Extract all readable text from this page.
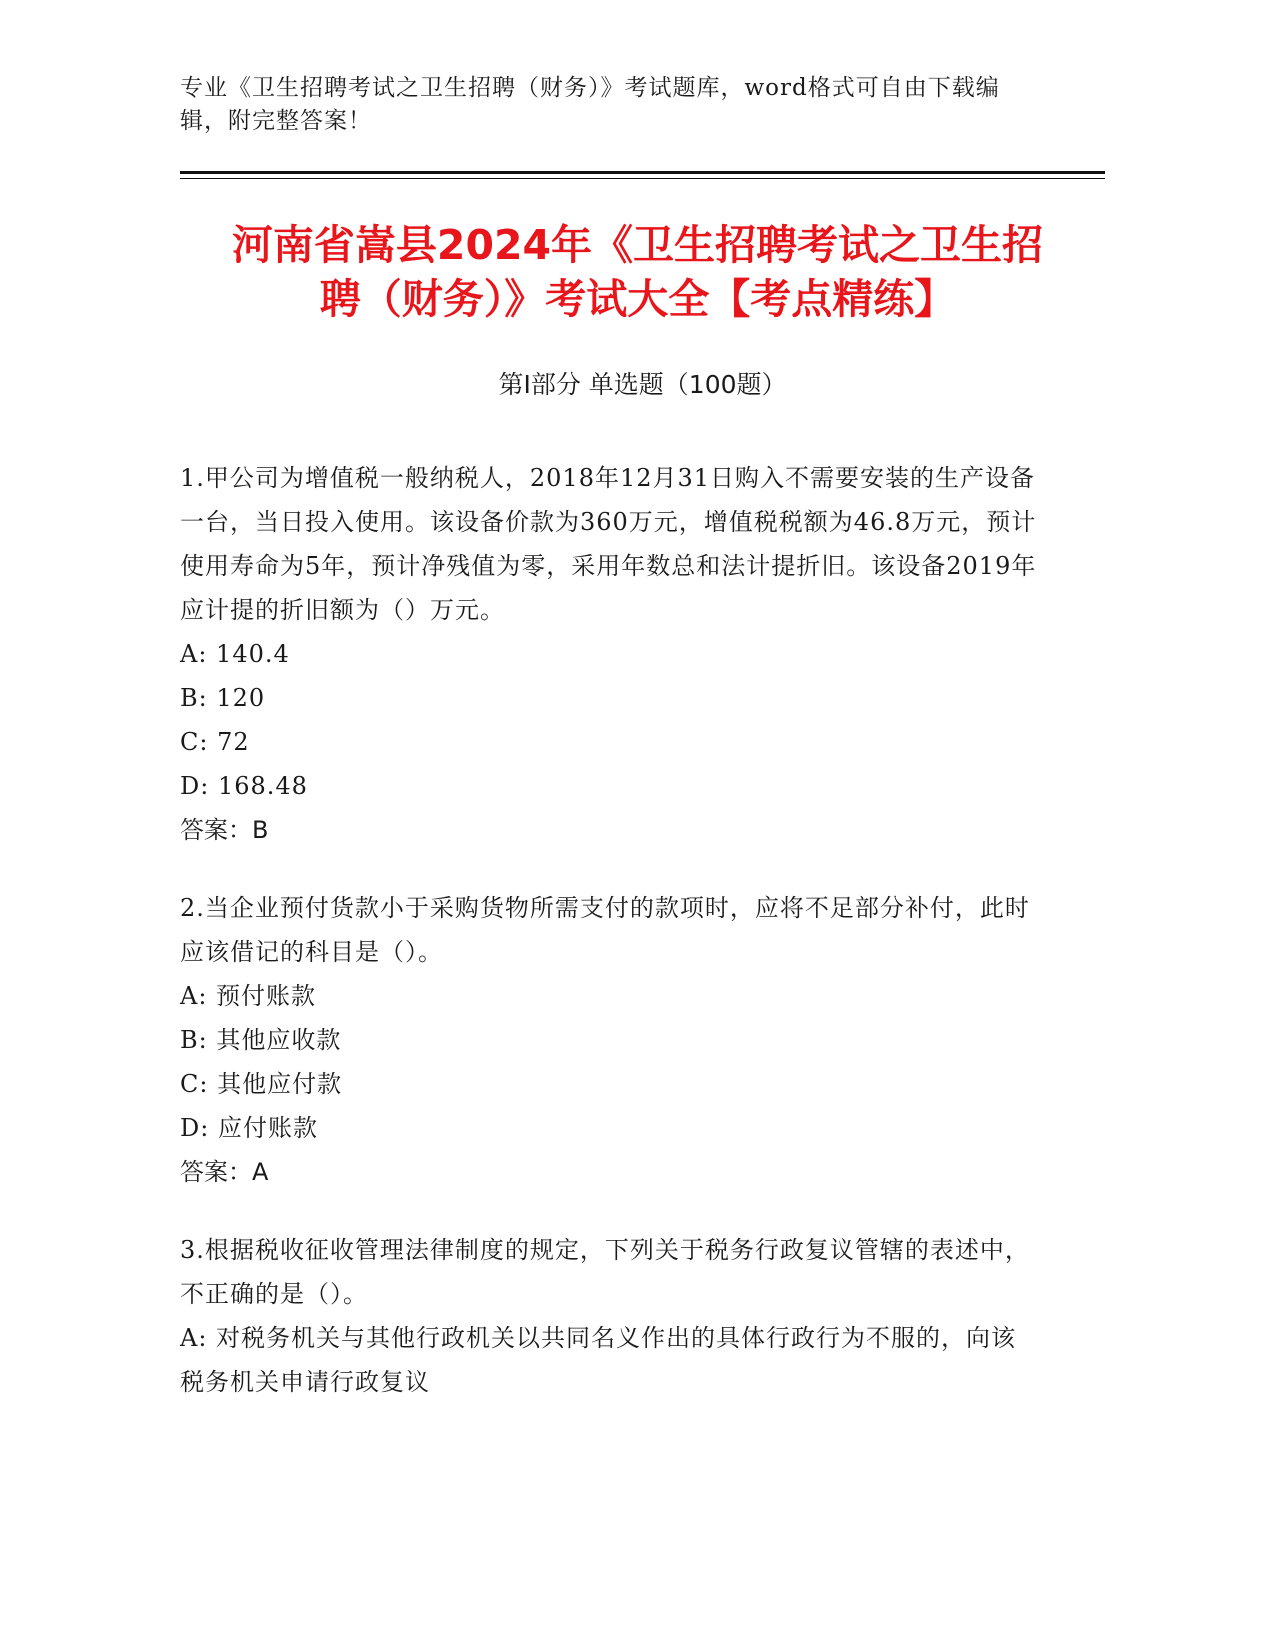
专业《卫生招聘考试之卫生招聘（财务）》考试题库，word格式可自由下载编辑，附完整答案！
河南省嵩县2024年《卫生招聘考试之卫生招
聘（财务）》考试大全【考点精练】
第I部分 单选题（100题）

1.甲公司为增值税一般纳税人，2018年12月31日购入不需要安装的生产设备一台，当日投入使用。该设备价款为360万元，增值税税额为46.8万元，预计使用寿命为5年，预计净残值为零，采用年数总和法计提折旧。该设备2019年应计提的折旧额为（）万元。

A: 140.4

B: 120

C: 72

D: 168.48

答案：B

2.当企业预付货款小于采购货物所需支付的款项时，应将不足部分补付，此时应该借记的科目是（）。

A: 预付账款

B: 其他应收款

C: 其他应付款

D: 应付账款

答案：A

3.根据税收征收管理法律制度的规定，下列关于税务行政复议管辖的表述中，不正确的是（）。

A: 对税务机关与其他行政机关以共同名义作出的具体行政行为不服的，向该税务机关申请行政复议
